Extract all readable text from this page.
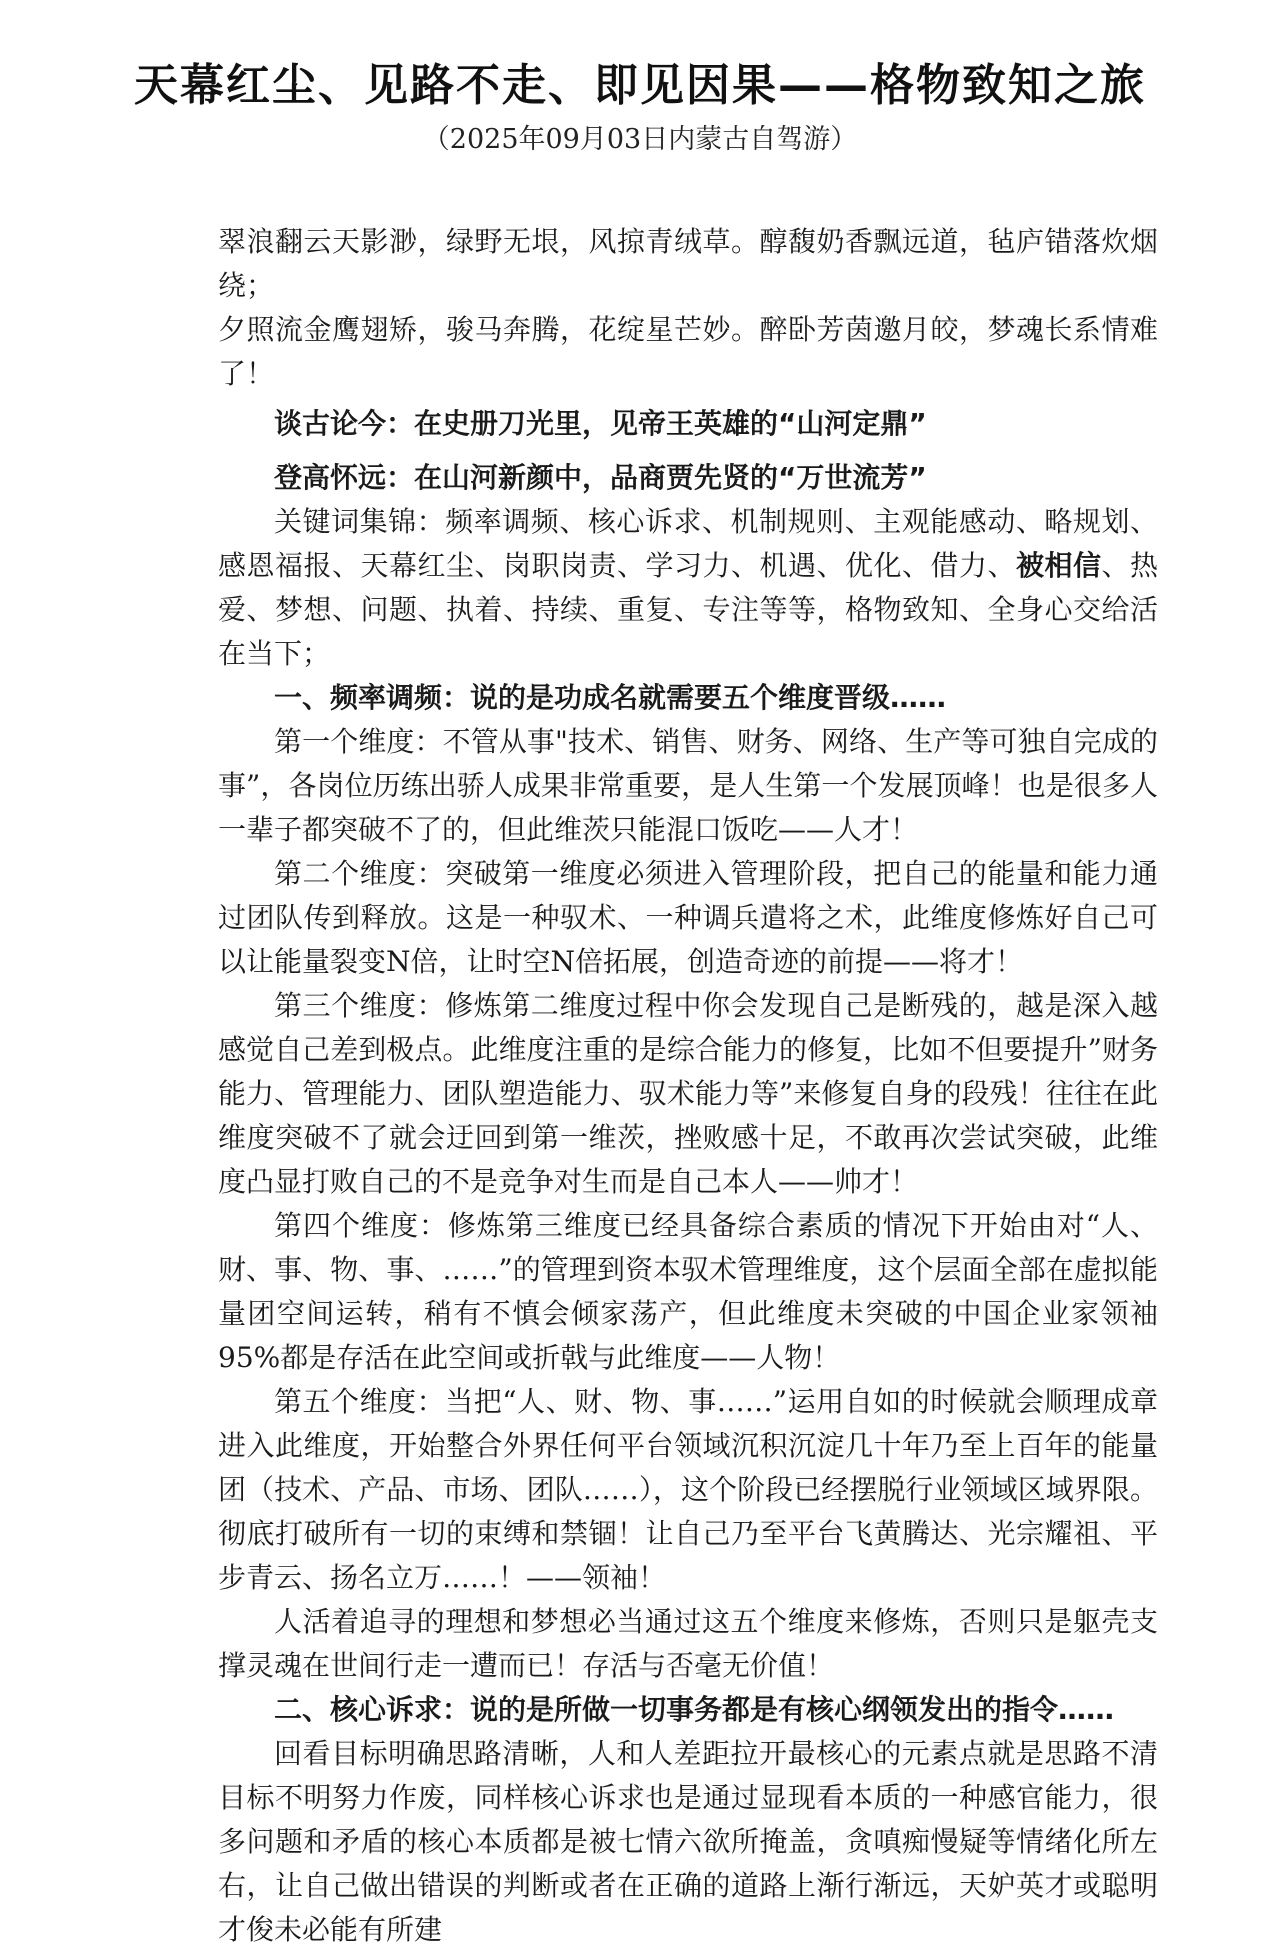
天幕红尘、见路不走、即见因果——格物致知之旅
（2025年09月03日内蒙古自驾游）

翠浪翻云天影渺，绿野无垠，风掠青绒草。醇馥奶香飘远道，毡庐错落炊烟绕；

夕照流金鹰翅矫，骏马奔腾，花绽星芒妙。醉卧芳茵邀月皎，梦魂长系情难了！

谈古论今：在史册刀光里，见帝王英雄的“山河定鼎”

登高怀远：在山河新颜中，品商贾先贤的“万世流芳”

关键词集锦：频率调频、核心诉求、机制规则、主观能感动、略规划、感恩福报、天幕红尘、岗职岗责、学习力、机遇、优化、借力、被相信、热爱、梦想、问题、执着、持续、重复、专注等等，格物致知、全身心交给活在当下；

一、频率调频：说的是功成名就需要五个维度晋级……

第一个维度：不管从事"技术、销售、财务、网络、生产等可独自完成的事”，各岗位历练出骄人成果非常重要，是人生第一个发展顶峰！也是很多人一辈子都突破不了的，但此维茨只能混口饭吃——人才！

第二个维度：突破第一维度必须进入管理阶段，把自己的能量和能力通过团队传到释放。这是一种驭术、一种调兵遣将之术，此维度修炼好自己可以让能量裂变N倍，让时空N倍拓展，创造奇迹的前提——将才！

第三个维度：修炼第二维度过程中你会发现自己是断残的，越是深入越感觉自己差到极点。此维度注重的是综合能力的修复，比如不但要提升”财务能力、管理能力、团队塑造能力、驭术能力等”来修复自身的段残！往往在此维度突破不了就会迂回到第一维茨，挫败感十足，不敢再次尝试突破，此维度凸显打败自己的不是竞争对生而是自己本人——帅才！

第四个维度：修炼第三维度已经具备综合素质的情况下开始由对“人、财、事、物、事、……”的管理到资本驭术管理维度，这个层面全部在虚拟能量团空间运转，稍有不慎会倾家荡产，但此维度未突破的中国企业家领袖95%都是存活在此空间或折戟与此维度——人物！

第五个维度：当把“人、财、物、事……”运用自如的时候就会顺理成章进入此维度，开始整合外界任何平台领域沉积沉淀几十年乃至上百年的能量团（技术、产品、市场、团队……），这个阶段已经摆脱行业领域区域界限。彻底打破所有一切的束缚和禁锢！让自己乃至平台飞黄腾达、光宗耀祖、平步青云、扬名立万……！——领袖！

人活着追寻的理想和梦想必当通过这五个维度来修炼，否则只是躯壳支撑灵魂在世间行走一遭而已！存活与否毫无价值！

二、核心诉求：说的是所做一切事务都是有核心纲领发出的指令……

回看目标明确思路清晰，人和人差距拉开最核心的元素点就是思路不清目标不明努力作废，同样核心诉求也是通过显现看本质的一种感官能力，很多问题和矛盾的核心本质都是被七情六欲所掩盖，贪嗔痴慢疑等情绪化所左右，让自己做出错误的判断或者在正确的道路上渐行渐远，天妒英才或聪明才俊未必能有所建
